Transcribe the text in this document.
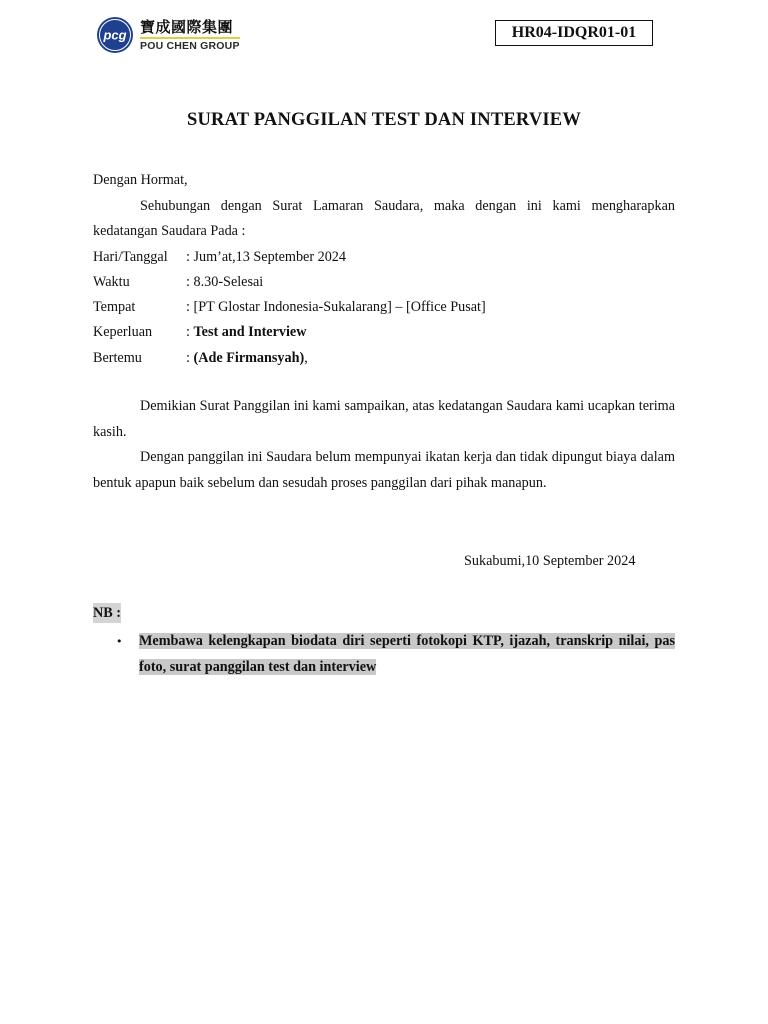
pcg 寶成國際集團
POU CHEN GROUP
HR04-IDQR01-01
SURAT PANGGILAN TEST DAN INTERVIEW

Dengan Hormat,

Sehubungan dengan Surat Lamaran Saudara, maka dengan ini kami mengharapkan kedatangan Saudara Pada :

Hari/Tanggal	: Jum’at,13 September 2024
Waktu	: 8.30-Selesai
Tempat	: [PT Glostar Indonesia-Sukalarang] – [Office Pusat]
Keperluan	: Test and Interview
Bertemu	: (Ade Firmansyah),

Demikian Surat Panggilan ini kami sampaikan, atas kedatangan Saudara kami ucapkan terima kasih.

Dengan panggilan ini Saudara belum mempunyai ikatan kerja dan tidak dipungut biaya dalam bentuk apapun baik sebelum dan sesudah proses panggilan dari pihak manapun.

Sukabumi,10 September 2024
NB :
•	Membawa kelengkapan biodata diri seperti fotokopi KTP, ijazah, transkrip nilai, pas foto, surat panggilan test dan interview
